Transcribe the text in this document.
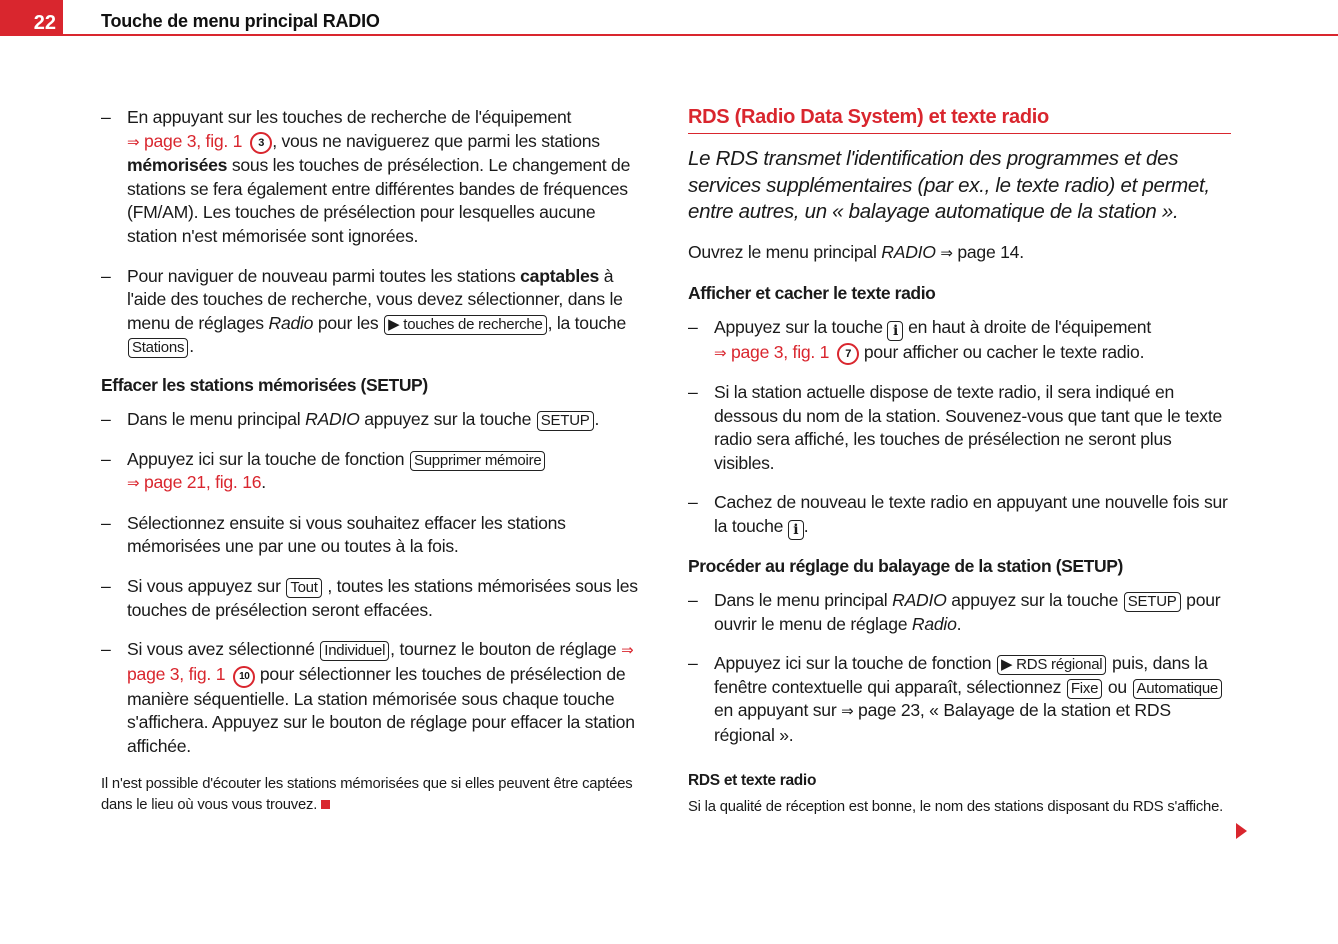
22	Touche de menu principal RADIO
– En appuyant sur les touches de recherche de l'équipement
⇒ page 3, fig. 1 3 , vous ne naviguerez que parmi les stations mémorisées sous les touches de présélection. Le changement de stations se fera également entre différentes bandes de fréquences (FM/AM). Les touches de présélection pour lesquelles aucune station n'est mémorisée sont ignorées.
– Pour naviguer de nouveau parmi toutes les stations captables à l'aide des touches de recherche, vous devez sélectionner, dans le menu de réglages Radio pour les ▶ touches de recherche , la touche Stations .
Effacer les stations mémorisées (SETUP)
– Dans le menu principal RADIO appuyez sur la touche SETUP .
– Appuyez ici sur la touche de fonction Supprimer mémoire
⇒ page 21, fig. 16.
– Sélectionnez ensuite si vous souhaitez effacer les stations mémorisées une par une ou toutes à la fois.
– Si vous appuyez sur Tout , toutes les stations mémorisées sous les touches de présélection seront effacées.
– Si vous avez sélectionné Individuel , tournez le bouton de réglage ⇒ page 3, fig. 1 10 pour sélectionner les touches de présélection de manière séquentielle. La station mémorisée sous chaque touche s'affichera. Appuyez sur le bouton de réglage pour effacer la station affichée.
Il n'est possible d'écouter les stations mémorisées que si elles peuvent être captées dans le lieu où vous vous trouvez.
RDS (Radio Data System) et texte radio
Le RDS transmet l'identification des programmes et des services supplémentaires (par ex., le texte radio) et permet, entre autres, un « balayage automatique de la station ».
Ouvrez le menu principal RADIO ⇒ page 14.
Afficher et cacher le texte radio
– Appuyez sur la touche i en haut à droite de l'équipement
⇒ page 3, fig. 1 7 pour afficher ou cacher le texte radio.
– Si la station actuelle dispose de texte radio, il sera indiqué en dessous du nom de la station. Souvenez-vous que tant que le texte radio sera affiché, les touches de présélection ne seront plus visibles.
– Cachez de nouveau le texte radio en appuyant une nouvelle fois sur la touche i .
Procéder au réglage du balayage de la station (SETUP)
– Dans le menu principal RADIO appuyez sur la touche SETUP pour ouvrir le menu de réglage Radio.
– Appuyez ici sur la touche de fonction ▶ RDS régional puis, dans la fenêtre contextuelle qui apparaît, sélectionnez Fixe ou Automatique en appuyant sur ⇒ page 23, « Balayage de la station et RDS régional ».
RDS et texte radio
Si la qualité de réception est bonne, le nom des stations disposant du RDS s'affiche.
